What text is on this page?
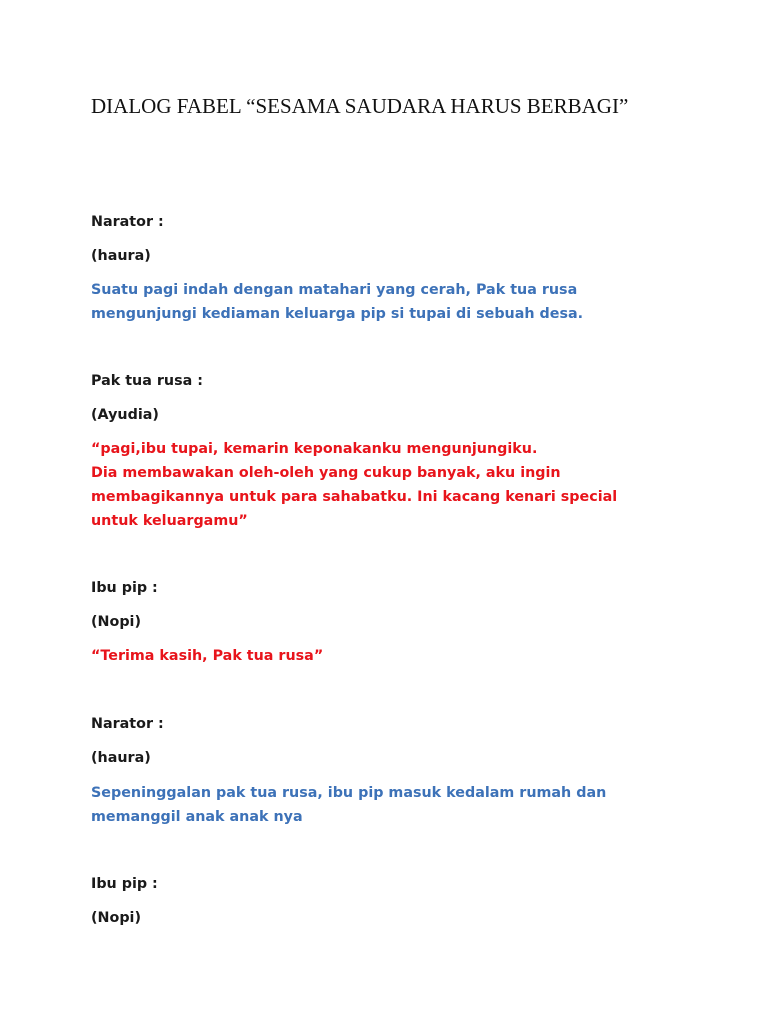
DIALOG FABEL “SESAMA SAUDARA HARUS BERBAGI”
Narator :
(haura)
Suatu pagi indah dengan matahari yang cerah, Pak tua rusa
mengunjungi kediaman keluarga pip si tupai di sebuah desa.
Pak tua rusa :
(Ayudia)
“pagi,ibu tupai, kemarin keponakanku mengunjungiku.
Dia membawakan oleh-oleh yang cukup banyak, aku ingin
membagikannya untuk para sahabatku. Ini kacang kenari special
untuk keluargamu”
Ibu pip :
(Nopi)
“Terima kasih, Pak tua rusa”
Narator :
(haura)
Sepeninggalan pak tua rusa, ibu pip masuk kedalam rumah dan
memanggil anak anak nya
Ibu pip :
(Nopi)
